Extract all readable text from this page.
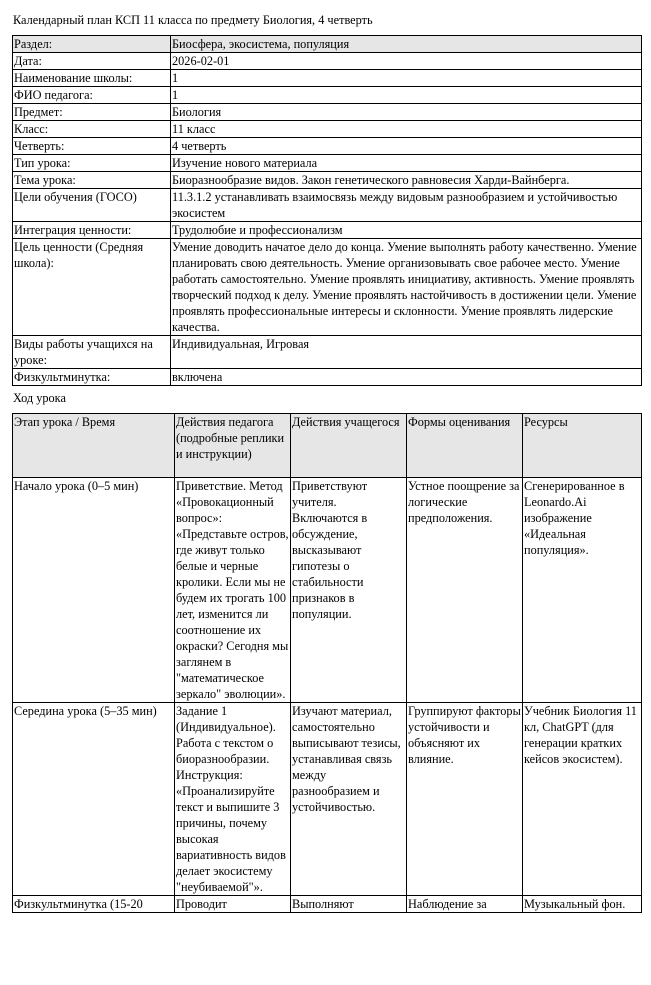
Календарный план КСП 11 класса по предмету Биология, 4 четверть
Раздел:	Биосфера, экосистема, популяция
Дата:	2026-02-01
Наименование школы:	1
ФИО педагога:	1
Предмет:	Биология
Класс:	11 класс
Четверть:	4 четверть
Тип урока:	Изучение нового материала
Тема урока:	Биоразнообразие видов. Закон генетического равновесия Харди-Вайнберга.
Цели обучения (ГОСО)	11.3.1.2 устанавливать взаимосвязь между видовым разнообразием и устойчивостью экосистем
Интеграция ценности:	Трудолюбие и профессионализм
Цель ценности (Средняя школа):	Умение доводить начатое дело до конца. Умение выполнять работу качественно. Умение планировать свою деятельность. Умение организовывать свое рабочее место. Умение работать самостоятельно. Умение проявлять инициативу, активность. Умение проявлять творческий подход к делу. Умение проявлять настойчивость в достижении цели. Умение проявлять профессиональные интересы и склонности. Умение проявлять лидерские качества.
Виды работы учащихся на уроке:	Индивидуальная, Игровая
Физкультминутка:	включена
Ход урока
Этап урока / Время	Действия педагога (подробные реплики и инструкции)	Действия учащегося	Формы оценивания	Ресурсы
Начало урока (0–5 мин)	Приветствие. Метод «Провокационный вопрос»: «Представьте остров, где живут только белые и черные кролики. Если мы не будем их трогать 100 лет, изменится ли соотношение их окраски? Сегодня мы заглянем в "математическое зеркало" эволюции».	Приветствуют учителя. Включаются в обсуждение, высказывают гипотезы о стабильности признаков в популяции.	Устное поощрение за логические предположения.	Сгенерированное в Leonardo.Ai изображение «Идеальная популяция».
Середина урока (5–35 мин)	Задание 1 (Индивидуальное). Работа с текстом о биоразнообразии. Инструкция: «Проанализируйте текст и выпишите 3 причины, почему высокая вариативность видов делает экосистему "неубиваемой"».	Изучают материал, самостоятельно выписывают тезисы, устанавливая связь между разнообразием и устойчивостью.	Группируют факторы устойчивости и объясняют их влияние.	Учебник Биология 11 кл, ChatGPT (для генерации кратких кейсов экосистем).
Физкультминутка (15-20	Проводит	Выполняют	Наблюдение за	Музыкальный фон.
